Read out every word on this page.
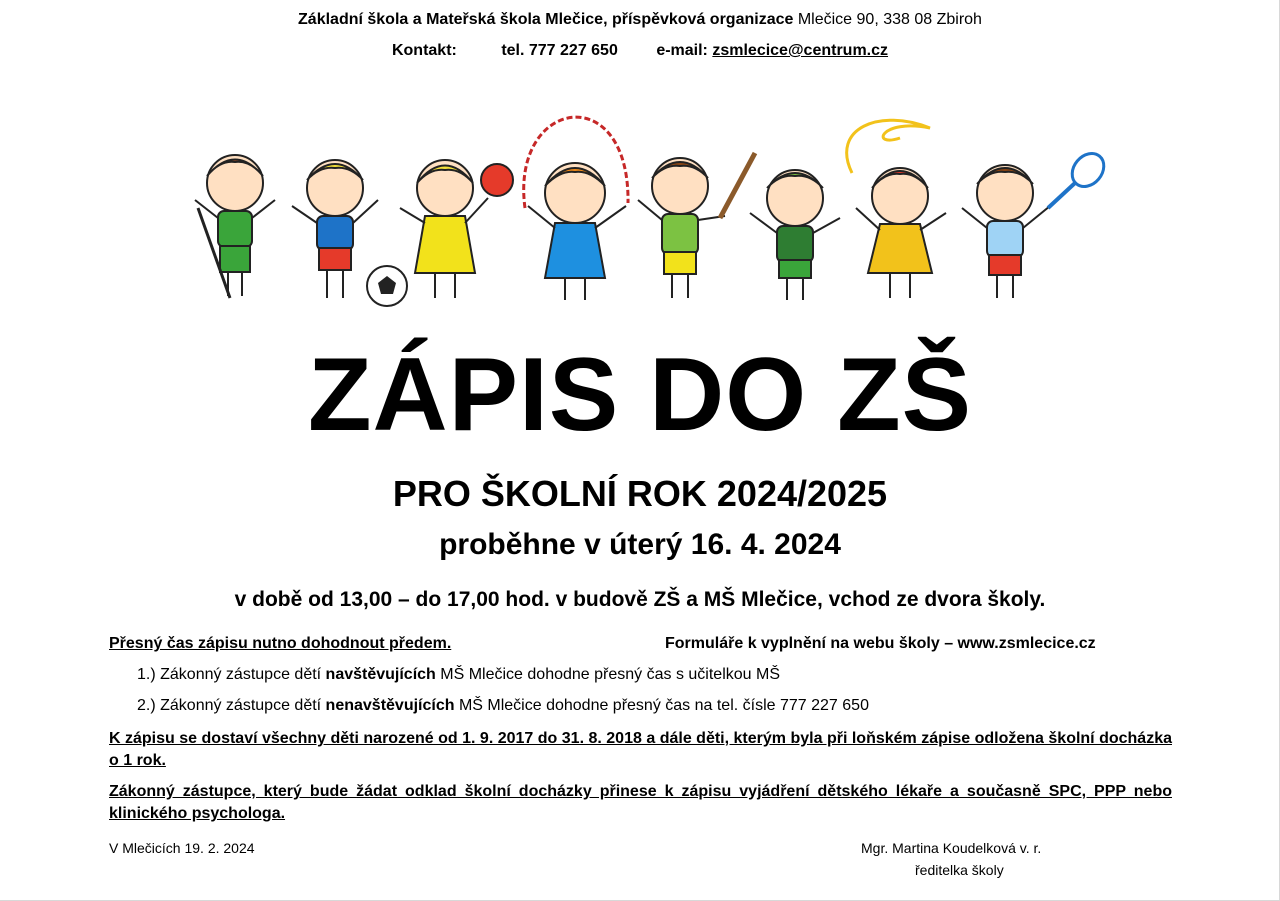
Základní škola a Mateřská škola Mlečice, příspěvková organizace Mlečice 90, 338 08 Zbiroh
Kontakt:	tel. 777 227 650 e-mail: zsmlecice@centrum.cz
ZÁPIS DO ZŠ
PRO ŠKOLNÍ ROK 2024/2025
proběhne v úterý 16. 4. 2024
v době od 13,00 – do 17,00 hod. v budově ZŠ a MŠ Mlečice, vchod ze dvora školy.
Přesný čas zápisu nutno dohodnout předem.	Formuláře k vyplnění na webu školy – www.zsmlecice.cz
1.) Zákonný zástupce dětí navštěvujících MŠ Mlečice dohodne přesný čas s učitelkou MŠ
2.) Zákonný zástupce dětí nenavštěvujících MŠ Mlečice dohodne přesný čas na tel. čísle 777 227 650
K zápisu se dostaví všechny děti narozené od 1. 9. 2017 do 31. 8. 2018 a dále děti, kterým byla při loňském zápise odložena školní docházka o 1 rok.
Zákonný zástupce, který bude žádat odklad školní docházky přinese k zápisu vyjádření dětského lékaře a současně SPC, PPP nebo klinického psychologa.
V Mlečicích 19. 2. 2024	Mgr. Martina Koudelková v. r.
ředitelka školy
